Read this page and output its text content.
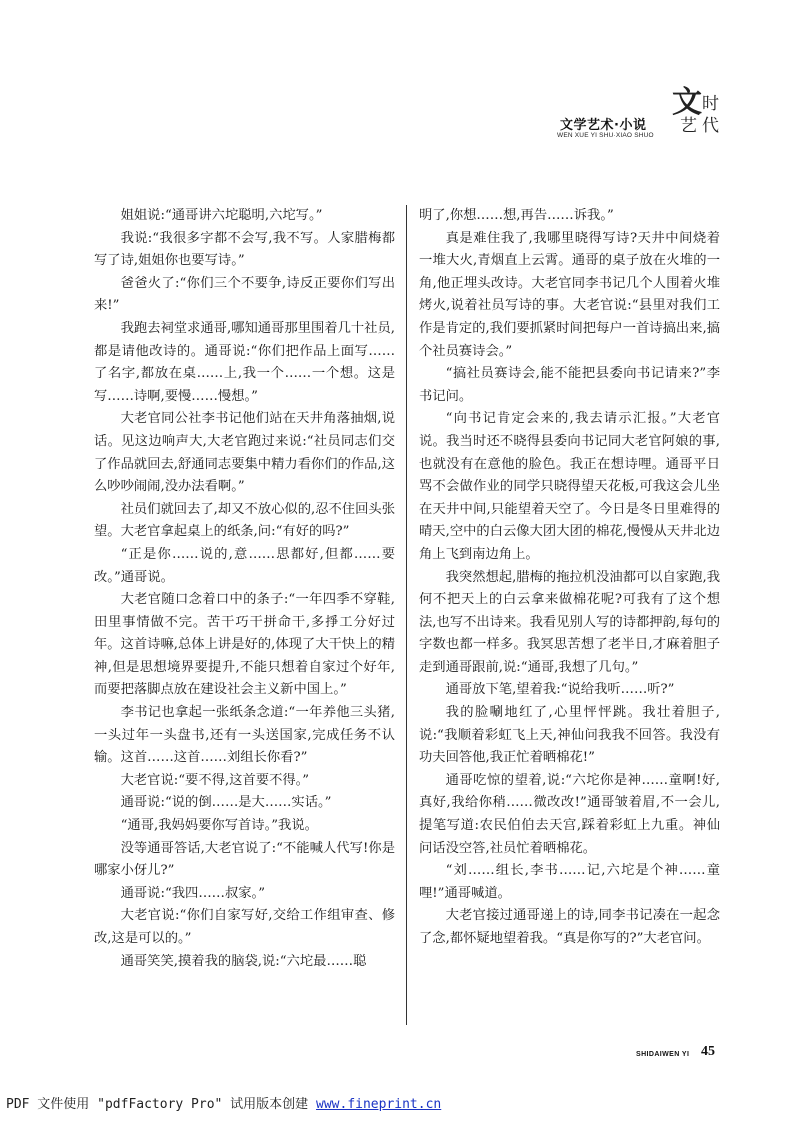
文学艺术·小说
WEN XUE YI SHU·XIAO SHUO
文 时
艺 代

姐姐说:“通哥讲六坨聪明,六坨写。”

我说:“我很多字都不会写,我不写。人家腊梅都写了诗,姐姐你也要写诗。”

爸爸火了:“你们三个不要争,诗反正要你们写出来!”

我跑去祠堂求通哥,哪知通哥那里围着几十社员,都是请他改诗的。通哥说:“你们把作品上面写……了名字,都放在桌……上,我一个……一个想。这是写……诗啊,要慢……慢想。”

大老官同公社李书记他们站在天井角落抽烟,说话。见这边响声大,大老官跑过来说:“社员同志们交了作品就回去,舒通同志要集中精力看你们的作品,这么吵吵闹闹,没办法看啊。”

社员们就回去了,却又不放心似的,忍不住回头张望。大老官拿起桌上的纸条,问:“有好的吗?”

“正是你……说的,意……思都好,但都……要改。”通哥说。

大老官随口念着口中的条子:“一年四季不穿鞋,田里事情做不完。苦干巧干拼命干,多掙工分好过年。这首诗嘛,总体上讲是好的,体现了大干快上的精神,但是思想境界要提升,不能只想着自家过个好年,而要把落脚点放在建设社会主义新中国上。”

李书记也拿起一张纸条念道:“一年养他三头猪,一头过年一头盘书,还有一头送国家,完成任务不认输。这首……这首……刘组长你看?”

大老官说:“要不得,这首要不得。”

通哥说:“说的倒……是大……实话。”

“通哥,我妈妈要你写首诗。”我说。

没等通哥答话,大老官说了:“不能喊人代写!你是哪家小伢儿?”

通哥说:“我四……叔家。”

大老官说:“你们自家写好,交给工作组审查、修改,这是可以的。”

通哥笑笑,摸着我的脑袋,说:“六坨最……聪

明了,你想……想,再告……诉我。”

真是难住我了,我哪里晓得写诗?天井中间烧着一堆大火,青烟直上云霄。通哥的桌子放在火堆的一角,他正埋头改诗。大老官同李书记几个人围着火堆烤火,说着社员写诗的事。大老官说:“县里对我们工作是肯定的,我们要抓紧时间把每户一首诗搞出来,搞个社员赛诗会。”

“搞社员赛诗会,能不能把县委向书记请来?”李书记问。

“向书记肯定会来的,我去请示汇报。”大老官说。我当时还不晓得县委向书记同大老官阿娘的事,也就没有在意他的脸色。我正在想诗哩。通哥平日骂不会做作业的同学只晓得望天花板,可我这会儿坐在天井中间,只能望着天空了。今日是冬日里难得的晴天,空中的白云像大团大团的棉花,慢慢从天井北边角上飞到南边角上。

我突然想起,腊梅的拖拉机没油都可以自家跑,我何不把天上的白云拿来做棉花呢?可我有了这个想法,也写不出诗来。我看见别人写的诗都押韵,每句的字数也都一样多。我冥思苦想了老半日,才麻着胆子走到通哥跟前,说:“通哥,我想了几句。”

通哥放下笔,望着我:“说给我听……听?”

我的脸唰地红了,心里怦怦跳。我壮着胆子,说:“我顺着彩虹飞上天,神仙问我我不回答。我没有功夫回答他,我正忙着晒棉花!”

通哥吃惊的望着,说:“六坨你是神……童啊!好,真好,我给你稍……微改改!”通哥皱着眉,不一会儿,提笔写道:农民伯伯去天宫,踩着彩虹上九重。神仙问话没空答,社员忙着晒棉花。

“刘……组长,李书……记,六坨是个神……童哩!”通哥喊道。

大老官接过通哥递上的诗,同李书记凑在一起念了念,都怀疑地望着我。“真是你写的?”大老官问。

SHIDAIWEN YI 45
PDF 文件使用 "pdfFactory Pro" 试用版本创建 www.fineprint.cn
